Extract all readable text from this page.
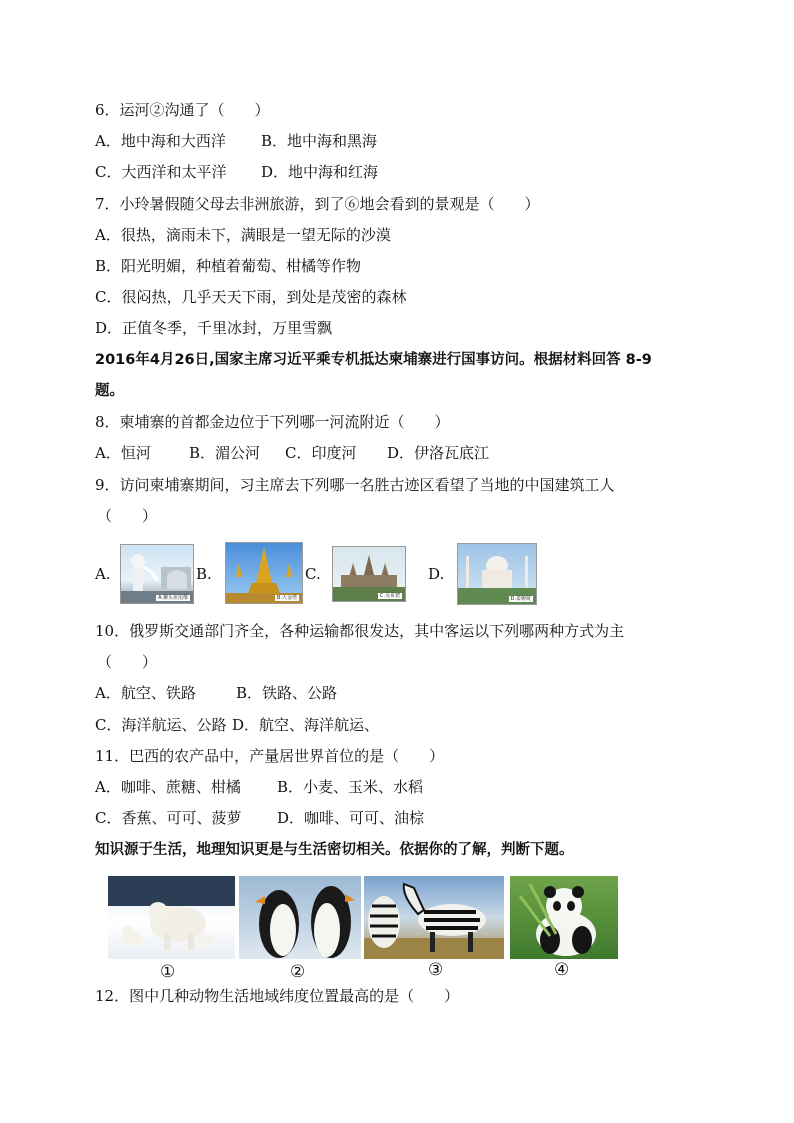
6．运河②沟通了（　　）
A．地中海和大西洋 B．地中海和黑海
C．大西洋和太平洋 D．地中海和红海
7．小玲暑假随父母去非洲旅游，到了⑥地会看到的景观是（　　）
A．很热，滴雨未下，满眼是一望无际的沙漠
B．阳光明媚，种植着葡萄、柑橘等作物
C．很闷热，几乎天天下雨，到处是茂密的森林
D．正值冬季，千里冰封，万里雪飘
2016年4月26日,国家主席习近平乘专机抵达柬埔寨进行国事访问。根据材料回答 8-9
题。
8．柬埔寨的首都金边位于下列哪一河流附近（　　）
A．恒河	B．湄公河 C．印度河 D．伊洛瓦底江
9．访问柬埔寨期间，习主席去下列哪一名胜古迹区看望了当地的中国建筑工人
（　　）
A.
A.狮头鱼尾像
B.
B.大金塔
C.
C.吴哥窟
D.
D.泰姬陵
10．俄罗斯交通部门齐全，各种运输都很发达，其中客运以下列哪两种方式为主
（　　）
A．航空、铁路	B．铁路、公路
C．海洋航运、公路 D．航空、海洋航运、
11．巴西的农产品中，产量居世界首位的是（　　）
A．咖啡、蔗糖、柑橘 B．小麦、玉米、水稻
C．香蕉、可可、菠萝 D．咖啡、可可、油棕
知识源于生活，地理知识更是与生活密切相关。依据你的了解，判断下题。
①	②	③	④
12．图中几种动物生活地域纬度位置最高的是（　　）
